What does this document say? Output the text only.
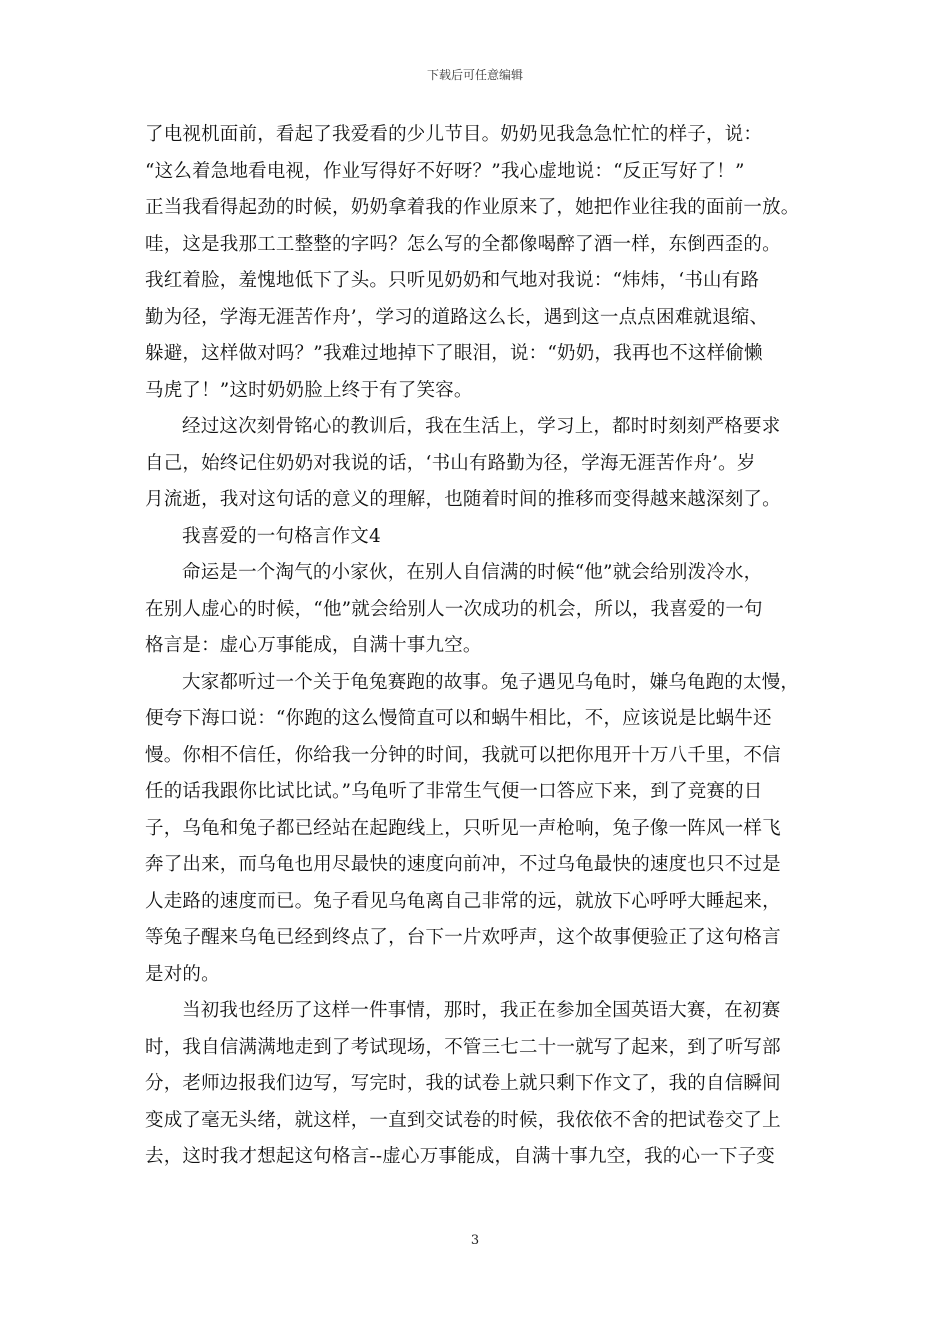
下载后可任意编辑
了电视机面前，看起了我爱看的少儿节目。奶奶见我急急忙忙的样子，说：
“这么着急地看电视，作业写得好不好呀？”我心虚地说：“反正写好了！”
正当我看得起劲的时候，奶奶拿着我的作业原来了，她把作业往我的面前一放。
哇，这是我那工工整整的字吗？怎么写的全都像喝醉了酒一样，东倒西歪的。
我红着脸，羞愧地低下了头。只听见奶奶和气地对我说：“炜炜，‘书山有路
勤为径，学海无涯苦作舟’，学习的道路这么长，遇到这一点点困难就退缩、
躲避，这样做对吗？”我难过地掉下了眼泪，说：“奶奶，我再也不这样偷懒
马虎了！”这时奶奶脸上终于有了笑容。
经过这次刻骨铭心的教训后，我在生活上，学习上，都时时刻刻严格要求
自己，始终记住奶奶对我说的话，‘书山有路勤为径，学海无涯苦作舟’。岁
月流逝，我对这句话的意义的理解，也随着时间的推移而变得越来越深刻了。
我喜爱的一句格言作文4
命运是一个淘气的小家伙，在别人自信满的时候“他”就会给别泼冷水，
在别人虚心的时候，“他”就会给别人一次成功的机会，所以，我喜爱的一句
格言是：虚心万事能成，自满十事九空。
大家都听过一个关于龟兔赛跑的故事。兔子遇见乌龟时，嫌乌龟跑的太慢，
便夸下海口说：“你跑的这么慢简直可以和蜗牛相比，不，应该说是比蜗牛还
慢。你相不信任，你给我一分钟的时间，我就可以把你甩开十万八千里，不信
任的话我跟你比试比试。”乌龟听了非常生气便一口答应下来，到了竞赛的日
子，乌龟和兔子都已经站在起跑线上，只听见一声枪响，兔子像一阵风一样飞
奔了出来，而乌龟也用尽最快的速度向前冲，不过乌龟最快的速度也只不过是
人走路的速度而已。兔子看见乌龟离自己非常的远，就放下心呼呼大睡起来，
等兔子醒来乌龟已经到终点了，台下一片欢呼声，这个故事便验正了这句格言
是对的。
当初我也经历了这样一件事情，那时，我正在参加全国英语大赛，在初赛
时，我自信满满地走到了考试现场，不管三七二十一就写了起来，到了听写部
分，老师边报我们边写，写完时，我的试卷上就只剩下作文了，我的自信瞬间
变成了毫无头绪，就这样，一直到交试卷的时候，我依依不舍的把试卷交了上
去，这时我才想起这句格言--虚心万事能成，自满十事九空，我的心一下子变
3
